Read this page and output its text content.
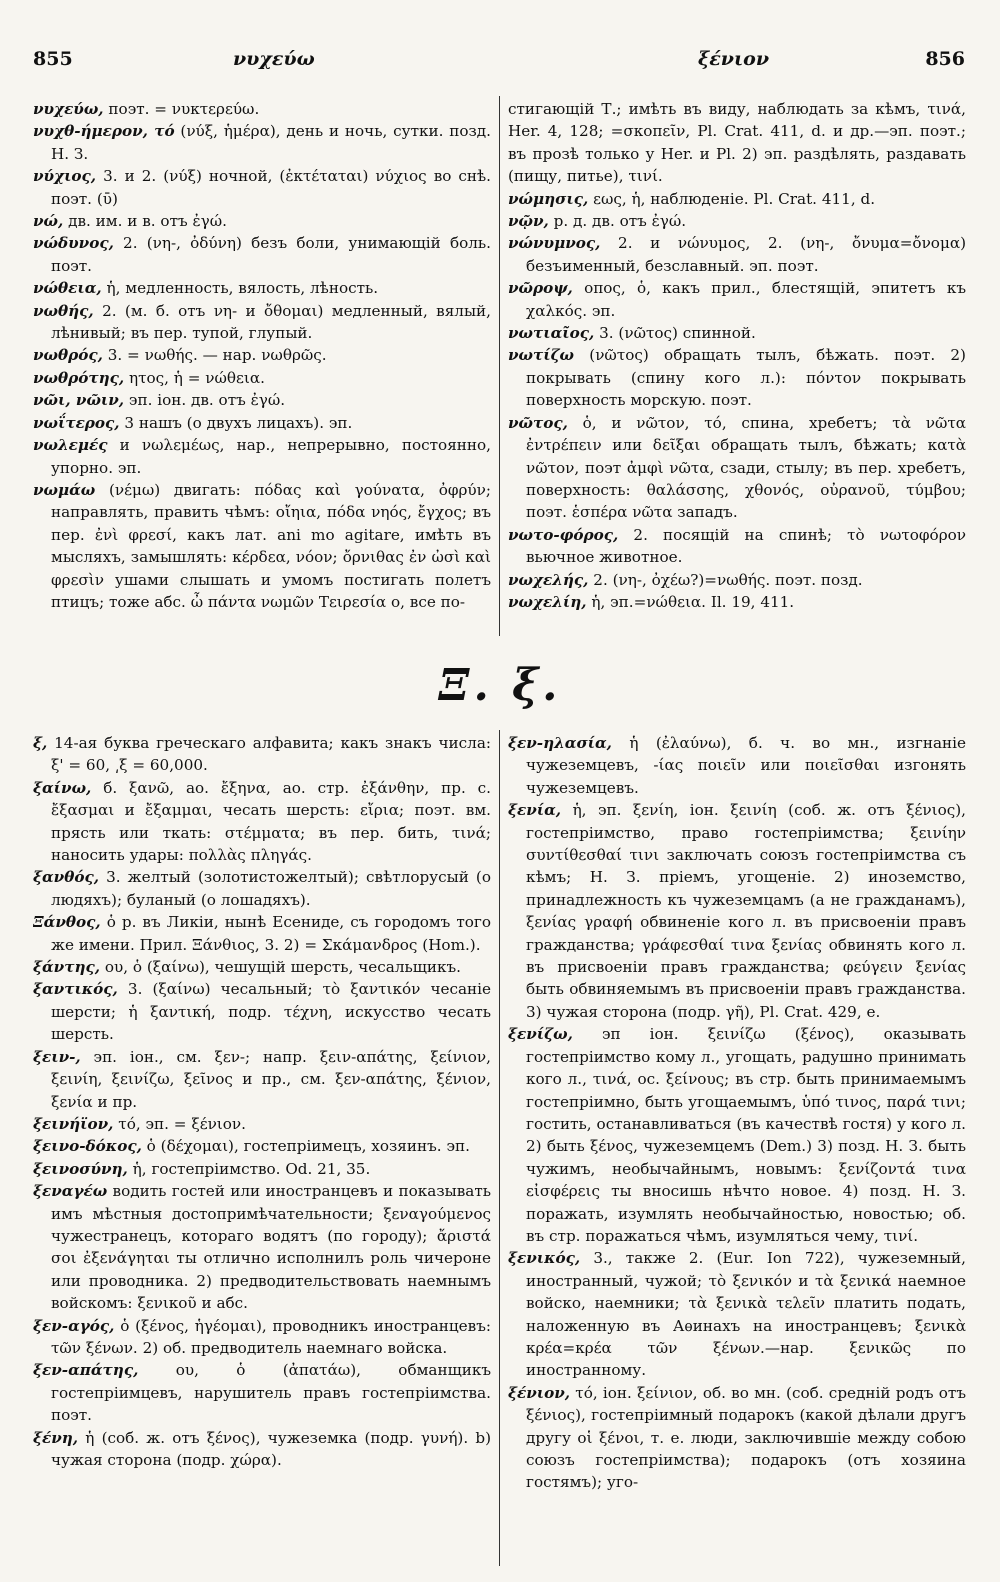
855	νυχεύω	ξένιον	856

νυχεύω, поэт. = νυκτερεύω.

νυχθ-ήμερον, τό (νύξ, ἡμέρα), день и ночь, сутки. позд. Н. З.

νύχιος, 3. и 2. (νύξ) ночной, (ἐκτέταται) νύχιος во снѣ. поэт. (ῡ)

νώ, дв. им. и в. отъ ἐγώ.

νώδυνος, 2. (νη-, ὀδύνη) безъ боли, унимающій боль. поэт.

νώθεια, ἡ, медленность, вялость, лѣность.

νωθής, 2. (м. б. отъ νη- и ὄθομαι) медленный, вялый, лѣнивый; въ пер. тупой, глупый.

νωθρός, 3. = νωθής. — нар. νωθρῶς.

νωθρότης, ητος, ἡ = νώθεια.

νῶι, νῶιν, эп. іон. дв. отъ ἐγώ.

νωΐτερος, 3 нашъ (о двухъ лицахъ). эп.

νωλεμές и νωλεμέως, нар., непрерывно, постоянно, упорно. эп.

νωμάω (νέμω) двигать: πόδας καὶ γούνατα, ὀφρύν; направлять, править чѣмъ: οἴηια, πόδα νηός, ἔγχος; въ пер. ἐνὶ φρεσί, какъ лат. ani mo agitare, имѣть въ мысляхъ, замышлять: κέρδεα, νόον; ὄρνιθας ἐν ὠσὶ καὶ φρεσὶν ушами слышать и умомъ постигать полетъ птицъ; тоже абс. ὦ πάντα νωμῶν Τειρεσία о, все по-

стигающій Т.; имѣть въ виду, наблюдать за кѣмъ, τινά, Her. 4, 128; =σκοπεῖν, Pl. Crat. 411, d. и др.—эп. поэт.; въ прозѣ только у Her. и Pl. 2) эп. раздѣлять, раздавать (пищу, питье), τινί.

νώμησις, εως, ἡ, наблюденіе. Pl. Crat. 411, d.

νῷν, р. д. дв. отъ ἐγώ.

νώνυμνος, 2. и νώνυμος, 2. (νη-, ὄνυμα=ὄνομα) безъименный, безславный. эп. поэт.

νῶροψ, οπος, ὁ, какъ прил., блестящій, эпитетъ къ χαλκός. эп.

νωτιαῖος, 3. (νῶτος) спинной.

νωτίζω (νῶτος) обращать тылъ, бѣжать. поэт. 2) покрывать (спину кого л.): πόντον покрывать поверхность морскую. поэт.

νῶτος, ὁ, и νῶτον, τό, спина, хребетъ; τὰ νῶτα ἐντρέπειν или δεῖξαι обращать тылъ, бѣжать; κατὰ νῶτον, поэт ἀμφὶ νῶτα, сзади, стылу; въ пер. хребетъ, поверхность: θαλάσσης, χθονός, οὐρανοῦ, τύμβου; поэт. ἑσπέρα νῶτα западъ.

νωτο-φόρος, 2. посящій на спинѣ; τὸ νωτοφόρον вьючное животное.

νωχελής, 2. (νη-, ὀχέω?)=νωθής. поэт. позд.

νωχελίη, ἡ, эп.=νώθεια. Il. 19, 411.

Ξ. ξ.

ξ, 14-ая буква греческаго алфавита; какъ знакъ числа: ξ' = 60, ͵ξ = 60,000.

ξαίνω, б. ξανῶ, ао. ἔξηνα, ао. стр. ἐξάνθην, пр. с. ἔξασμαι и ἔξαμμαι, чесать шерсть: εἴρια; поэт. вм. прясть или ткать: στέμματα; въ пер. бить, τινά; наносить удары: πολλὰς πληγάς.

ξανθός, 3. желтый (золотистожелтый); свѣтлорусый (о людяхъ); буланый (о лошадяхъ).

Ξάνθος, ὁ р. въ Ликіи, нынѣ Есениде, съ городомъ того же имени. Прил. Ξάνθιος, 3. 2) = Σκάμανδρος (Hom.).

ξάντης, ου, ὁ (ξαίνω), чешущій шерсть, чесальщикъ.

ξαντικός, 3. (ξαίνω) чесальный; τὸ ξαντικόν чесаніе шерсти; ἡ ξαντική, подр. τέχνη, искусство чесать шерсть.

ξειν-, эп. іон., см. ξεν-; напр. ξειν-απάτης, ξείνιον, ξεινίη, ξεινίζω, ξεῖνος и пр., см. ξεν-απάτης, ξένιον, ξενία и пр.

ξεινήϊον, τό, эп. = ξένιον.

ξεινο-δόκος, ὁ (δέχομαι), гостепріимецъ, хозяинъ. эп.

ξεινοσύνη, ἡ, гостепріимство. Od. 21, 35.

ξεναγέω водить гостей или иностранцевъ и показывать имъ мѣстныя достопримѣчательности; ξεναγούμενος чужестранецъ, котораго водятъ (по городу); ἄριστά σοι ἐξενάγηται ты отлично исполнилъ роль чичероне или проводника. 2) предводительствовать наемнымъ войскомъ: ξενικοῦ и абс.

ξεν-αγός, ὁ (ξένος, ἡγέομαι), проводникъ иностранцевъ: τῶν ξένων. 2) об. предводитель наемнаго войска.

ξεν-απάτης, ου, ὁ (ἀπατάω), обманщикъ гостепріимцевъ, нарушитель правъ гостепріимства. поэт.

ξένη, ἡ (соб. ж. отъ ξένος), чужеземка (подр. γυνή). b) чужая сторона (подр. χώρα).

ξεν-ηλασία, ἡ (ἐλαύνω), б. ч. во мн., изгнаніе чужеземцевъ, -ίας ποιεῖν или ποιεῖσθαι изгонять чужеземцевъ.

ξενία, ἡ, эп. ξενίη, іон. ξεινίη (соб. ж. отъ ξένιος), гостепріимство, право гостепріимства; ξεινίην συντίθεσθαί τινι заключать союзъ гостепріимства съ кѣмъ; Н. З. пріемъ, угощеніе. 2) иноземство, принадлежность къ чужеземцамъ (а не гражданамъ), ξενίας γραφή обвиненіе кого л. въ присвоеніи правъ гражданства; γράφεσθαί τινα ξενίας обвинять кого л. въ присвоеніи правъ гражданства; φεύγειν ξενίας быть обвиняемымъ въ присвоеніи правъ гражданства. 3) чужая сторона (подр. γῆ), Pl. Crat. 429, e.

ξενίζω, эп іон. ξεινίζω (ξένος), оказывать гостепріимство кому л., угощать, радушно принимать кого л., τινά, ос. ξείνους; въ стр. быть принимаемымъ гостепріимно, быть угощаемымъ, ὑπό τινος, παρά τινι; гостить, останавливаться (въ качествѣ гостя) у кого л. 2) быть ξένος, чужеземцемъ (Dem.) 3) позд. Н. З. быть чужимъ, необычайнымъ, новымъ: ξενίζοντά τινα εἰσφέρεις ты вносишь нѣчто новое. 4) позд. Н. З. поражать, изумлять необычайностью, новостью; об. въ стр. поражаться чѣмъ, изумляться чему, τινί.

ξενικός, 3., также 2. (Eur. Ion 722), чужеземный, иностранный, чужой; τὸ ξενικόν и τὰ ξενικά наемное войско, наемники; τὰ ξενικὰ τελεῖν платить подать, наложенную въ Аѳинахъ на иностранцевъ; ξενικὰ κρέα=κρέα τῶν ξένων.—нар. ξενικῶς по иностранному.

ξένιον, τό, іон. ξείνιον, об. во мн. (соб. средній родъ отъ ξένιος), гостепріимный подарокъ (какой дѣлали другъ другу οἱ ξένοι, т. е. люди, заключившіе между собою союзъ гостепріимства); подарокъ (отъ хозяина гостямъ); уго-
